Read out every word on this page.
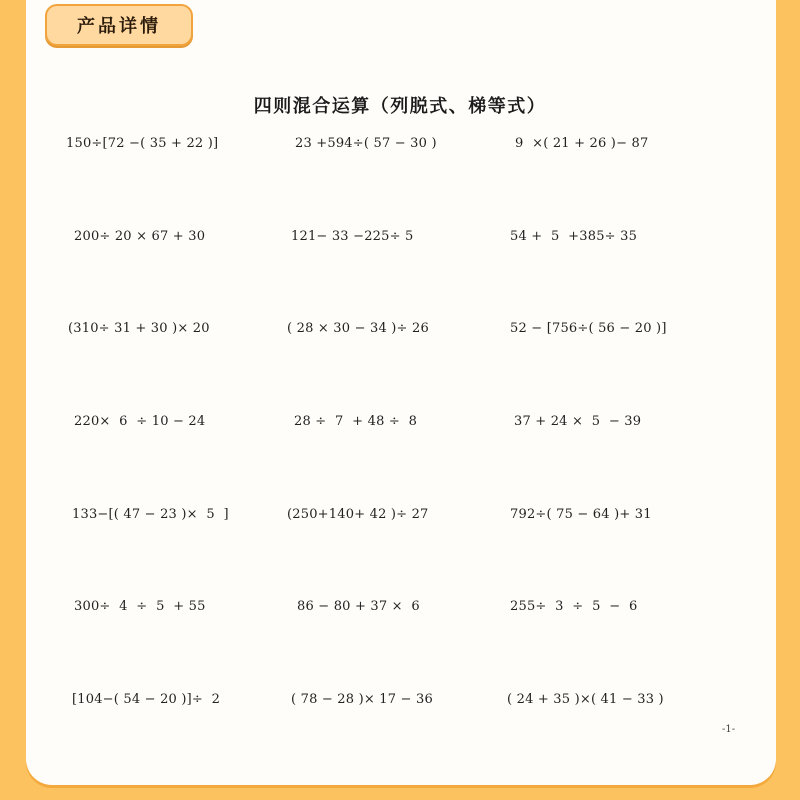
产品详情
四则混合运算（列脱式、梯等式）
150÷[72 −( 35 + 22 )]	23 +594÷( 57 − 30 )	9  ×( 21 + 26 )− 87
200÷ 20 × 67 + 30	121− 33 −225÷ 5	54 +  5  +385÷ 35
(310÷ 31 + 30 )× 20	( 28 × 30 − 34 )÷ 26	52 − [756÷( 56 − 20 )]
220×  6  ÷ 10 − 24	28 ÷  7  + 48 ÷  8	37 + 24 ×  5  − 39
133−[( 47 − 23 )×  5  ]	(250+140+ 42 )÷ 27	792÷( 75 − 64 )+ 31
300÷  4  ÷  5  + 55	86 − 80 + 37 ×  6	255÷  3  ÷  5  −  6
[104−( 54 − 20 )]÷  2	( 78 − 28 )× 17 − 36	( 24 + 35 )×( 41 − 33 )
-1-
